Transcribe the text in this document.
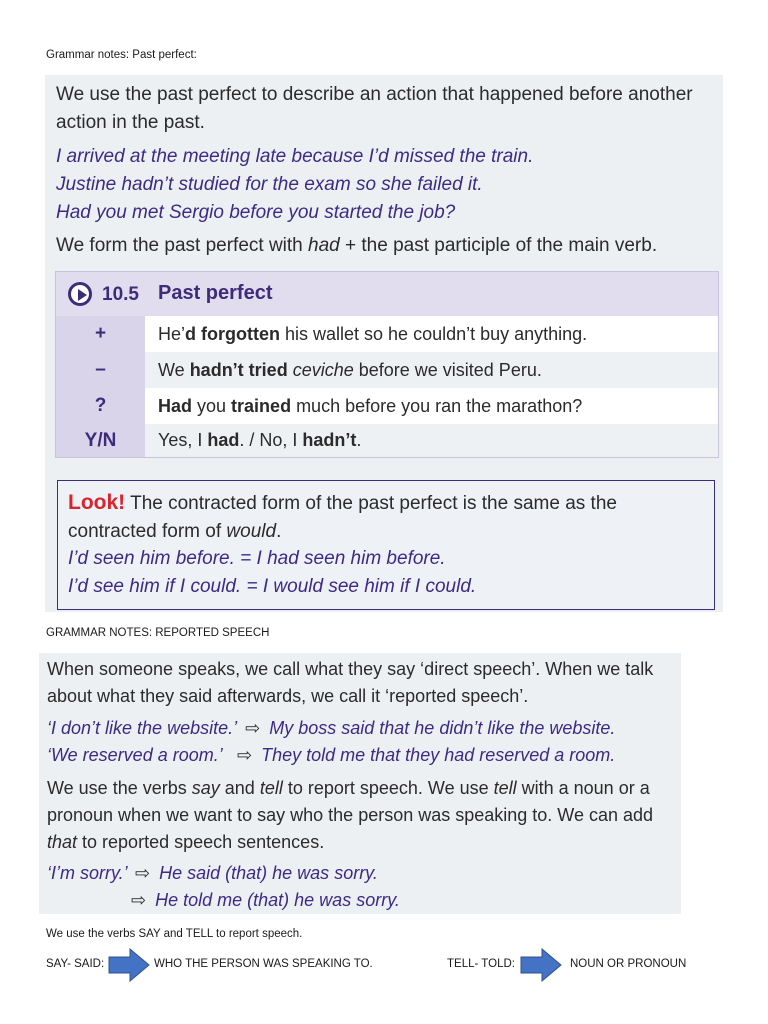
Grammar notes: Past perfect:
We use the past perfect to describe an action that happened before another action in the past.
I arrived at the meeting late because I’d missed the train.
Justine hadn’t studied for the exam so she failed it.
Had you met Sergio before you started the job?
We form the past perfect with had + the past participle of the main verb.
10.5 Past perfect
+	He’d forgotten his wallet so he couldn’t buy anything.
–	We hadn’t tried ceviche before we visited Peru.
?	Had you trained much before you ran the marathon?
Y/N	Yes, I had. / No, I hadn’t.
Look! The contracted form of the past perfect is the same as the contracted form of would.
I’d seen him before. = I had seen him before.
I’d see him if I could. = I would see him if I could.
GRAMMAR NOTES: REPORTED SPEECH
When someone speaks, we call what they say ‘direct speech’. When we talk about what they said afterwards, we call it ‘reported speech’.
‘I don’t like the website.’ ⇨ My boss said that he didn’t like the website.
‘We reserved a room.’ ⇨ They told me that they had reserved a room.
We use the verbs say and tell to report speech. We use tell with a noun or a pronoun when we want to say who the person was speaking to. We can add that to reported speech sentences.
‘I’m sorry.’ ⇨ He said (that) he was sorry.
⇨ He told me (that) he was sorry.
We use the verbs SAY and TELL to report speech.
SAY- SAID:	WHO THE PERSON WAS SPEAKING TO.	TELL- TOLD:	NOUN OR PRONOUN
